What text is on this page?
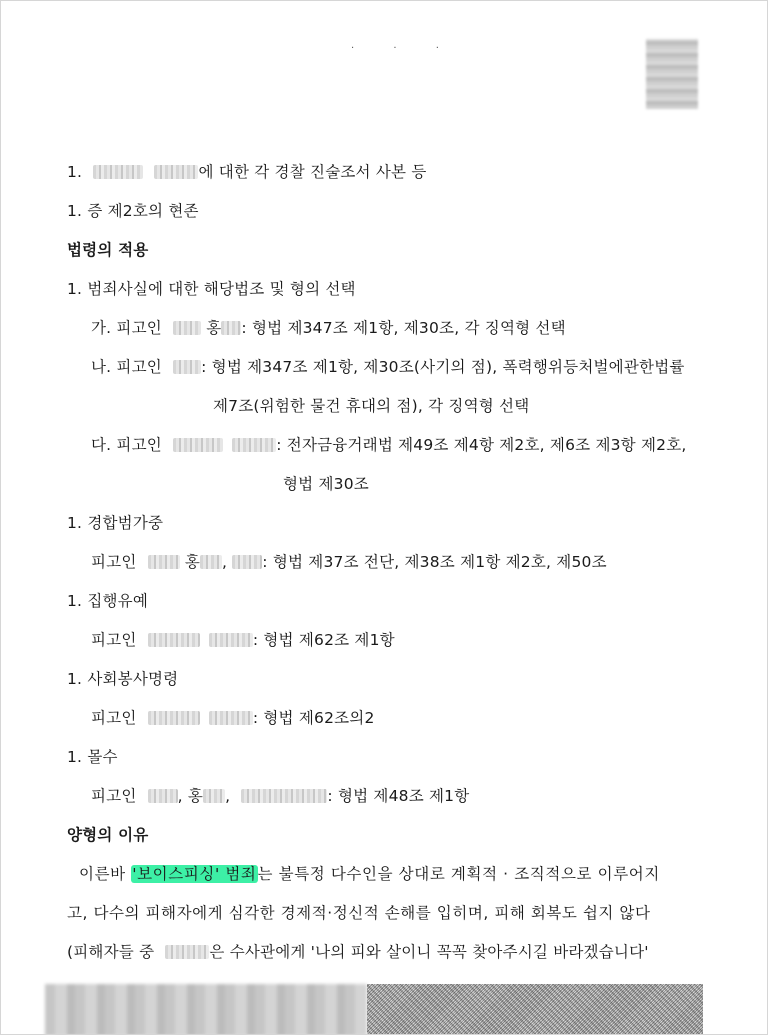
· · ·
1.	에 대한 각 경찰 진술조서 사본 등
1. 증 제2호의 현존
법령의 적용
1. 범죄사실에 대한 해당법조 및 형의 선택
가. 피고인	홍 : 형법 제347조 제1항, 제30조, 각 징역형 선택
나. 피고인	: 형법 제347조 제1항, 제30조(사기의 점), 폭력행위등처벌에관한법률
제7조(위험한 물건 휴대의 점), 각 징역형 선택
다. 피고인	: 전자금융거래법 제49조 제4항 제2호, 제6조 제3항 제2호,
형법 제30조
1. 경합범가중
피고인	홍 , : 형법 제37조 전단, 제38조 제1항 제2호, 제50조
1. 집행유예
피고인	: 형법 제62조 제1항
1. 사회봉사명령
피고인	: 형법 제62조의2
1. 몰수
피고인	, 홍 ,	: 형법 제48조 제1항
양형의 이유
이른바 '보이스피싱' 범죄는 불특정 다수인을 상대로 계획적 · 조직적으로 이루어지
고, 다수의 피해자에게 심각한 경제적·정신적 손해를 입히며, 피해 회복도 쉽지 않다
(피해자들 중	은 수사관에게 '나의 피와 살이니 꼭꼭 찾아주시길 바라겠습니다'
